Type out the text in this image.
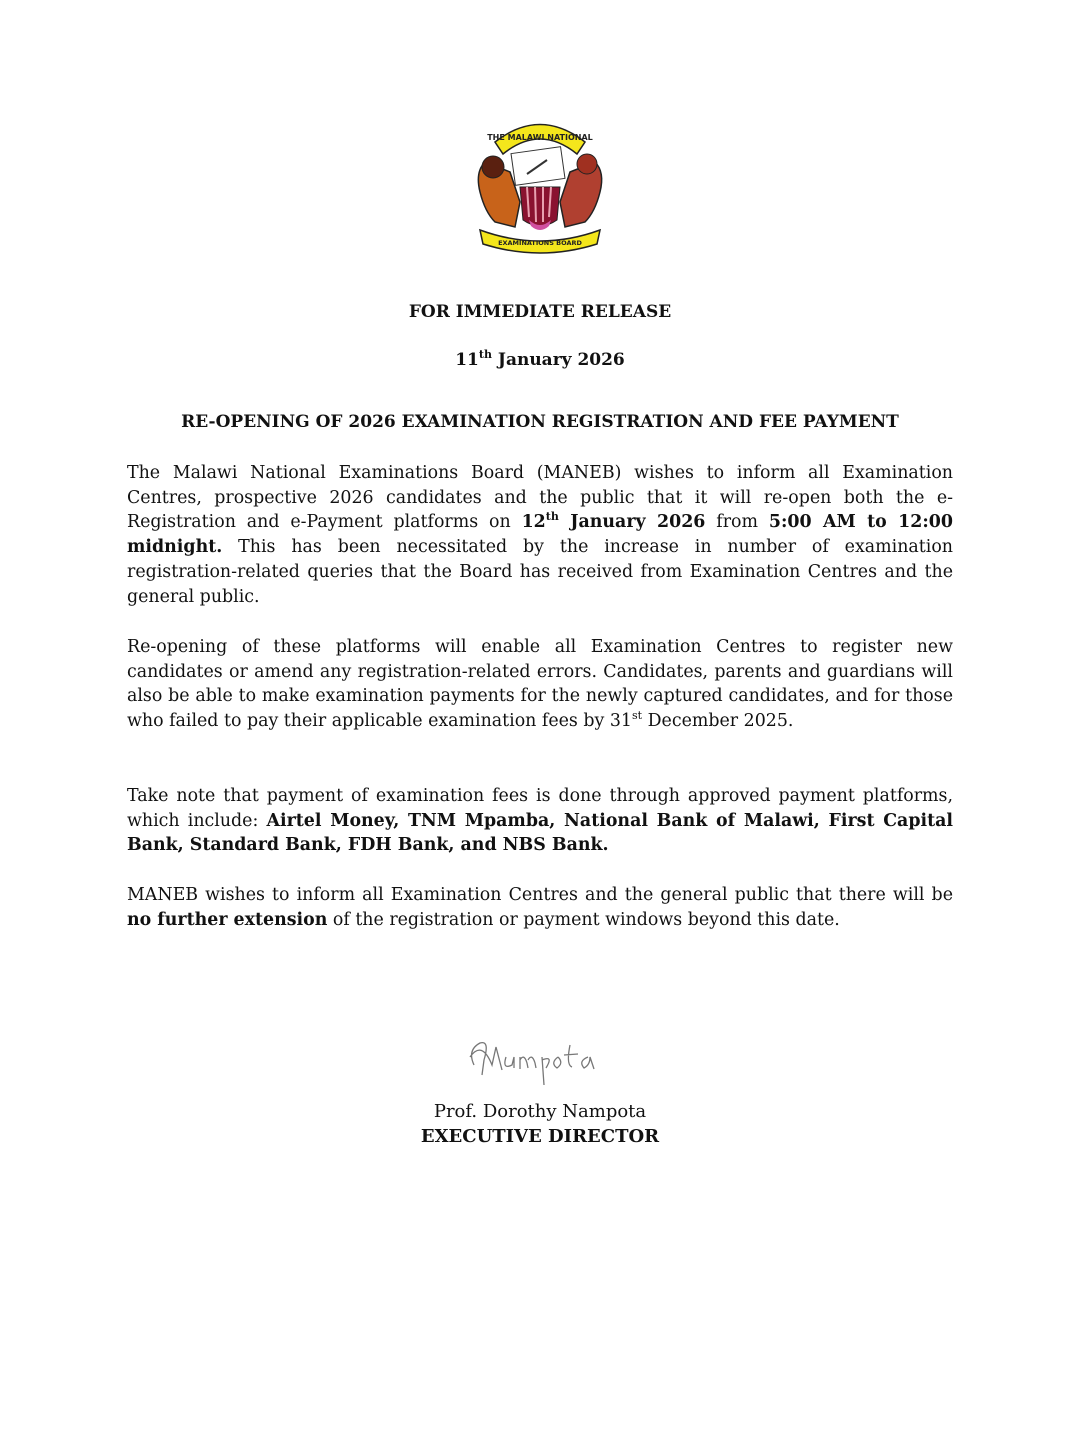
THE MALAWI NATIONAL
EXAMINATIONS BOARD
FOR IMMEDIATE RELEASE
11th January 2026
RE-OPENING OF 2026 EXAMINATION REGISTRATION AND FEE PAYMENT
The Malawi National Examinations Board (MANEB) wishes to inform all Examination Centres, prospective 2026 candidates and the public that it will re-open both the e-Registration and e-Payment platforms on 12th January 2026 from 5:00 AM to 12:00 midnight. This has been necessitated by the increase in number of examination registration-related queries that the Board has received from Examination Centres and the general public.
Re-opening of these platforms will enable all Examination Centres to register new candidates or amend any registration-related errors. Candidates, parents and guardians will also be able to make examination payments for the newly captured candidates, and for those who failed to pay their applicable examination fees by 31st December 2025.
Take note that payment of examination fees is done through approved payment platforms, which include: Airtel Money, TNM Mpamba, National Bank of Malawi, First Capital Bank, Standard Bank, FDH Bank, and NBS Bank.
MANEB wishes to inform all Examination Centres and the general public that there will be no further extension of the registration or payment windows beyond this date.
Prof. Dorothy Nampota
EXECUTIVE DIRECTOR
